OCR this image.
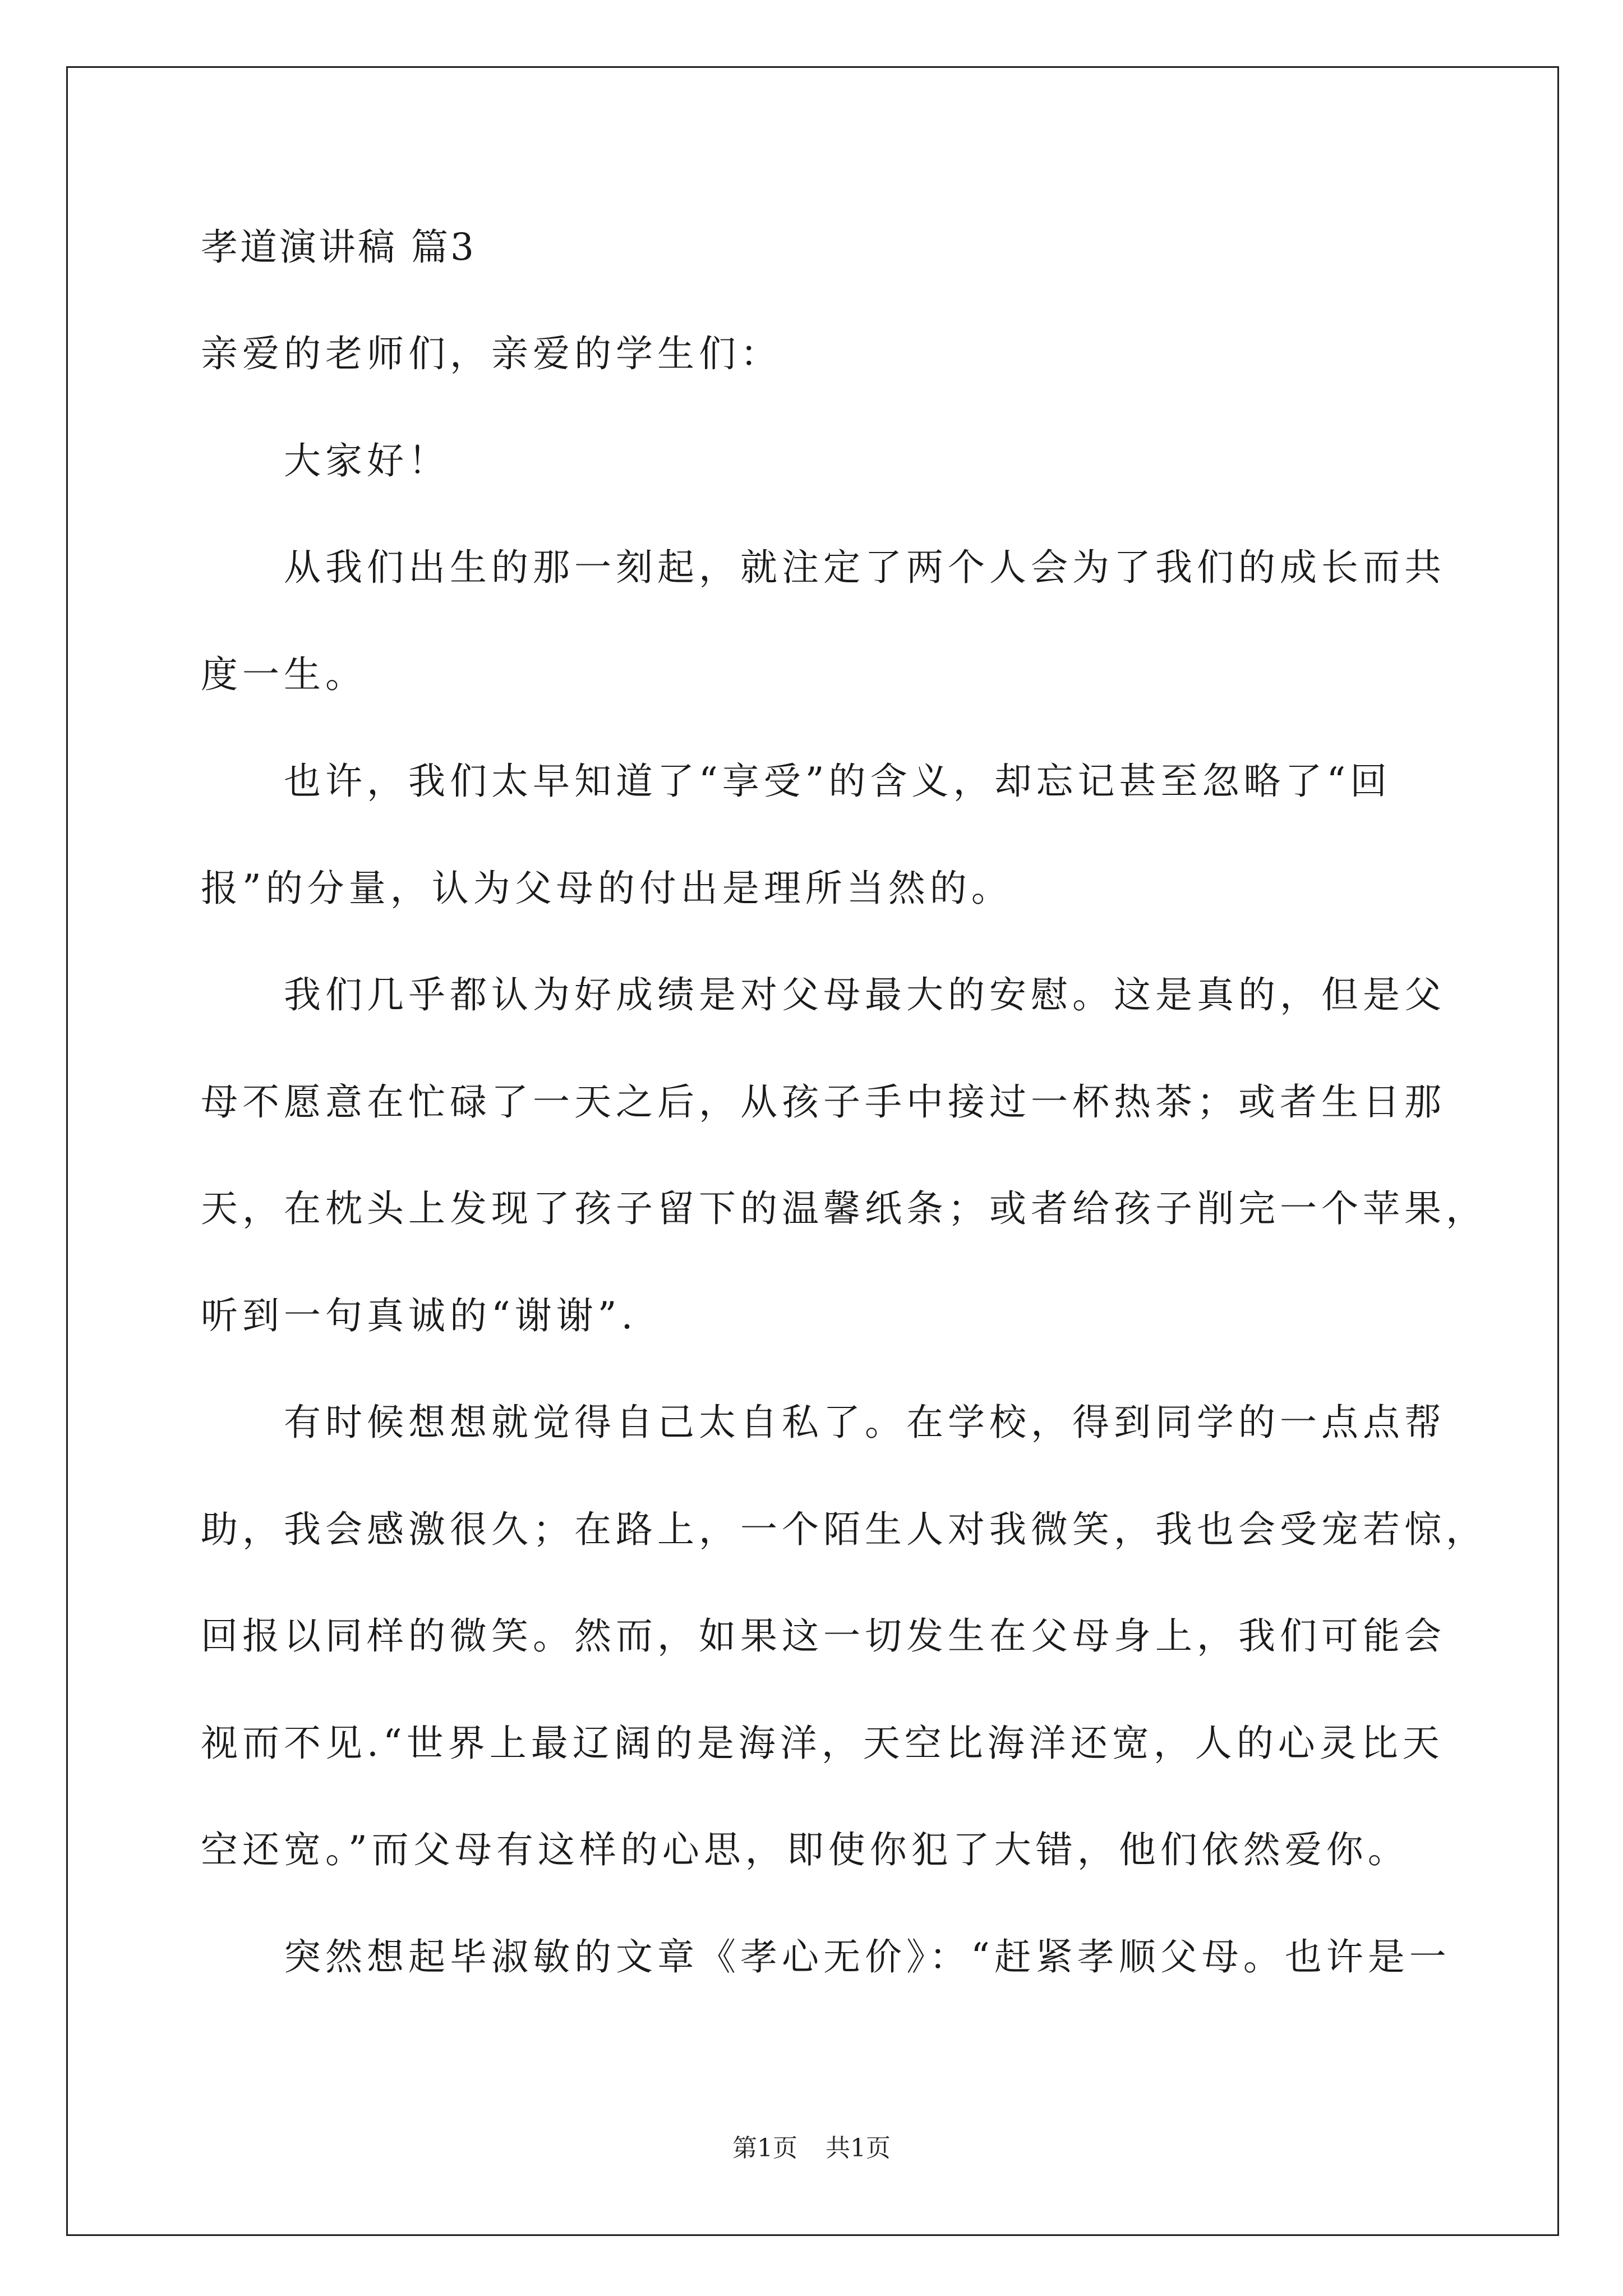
孝道演讲稿 篇3
亲爱的老师们，亲爱的学生们：
大家好！
从我们出生的那一刻起，就注定了两个人会为了我们的成长而共
度一生。
也许，我们太早知道了“享受”的含义，却忘记甚至忽略了“回
报”的分量，认为父母的付出是理所当然的。
我们几乎都认为好成绩是对父母最大的安慰。这是真的，但是父
母不愿意在忙碌了一天之后，从孩子手中接过一杯热茶；或者生日那
天，在枕头上发现了孩子留下的温馨纸条；或者给孩子削完一个苹果，
听到一句真诚的“谢谢”.
有时候想想就觉得自己太自私了。在学校，得到同学的一点点帮
助，我会感激很久；在路上，一个陌生人对我微笑，我也会受宠若惊，
回报以同样的微笑。然而，如果这一切发生在父母身上，我们可能会
视而不见.“世界上最辽阔的是海洋，天空比海洋还宽，人的心灵比天
空还宽。”而父母有这样的心思，即使你犯了大错，他们依然爱你。
突然想起毕淑敏的文章《孝心无价》：“赶紧孝顺父母。也许是一
第1页 共1页
